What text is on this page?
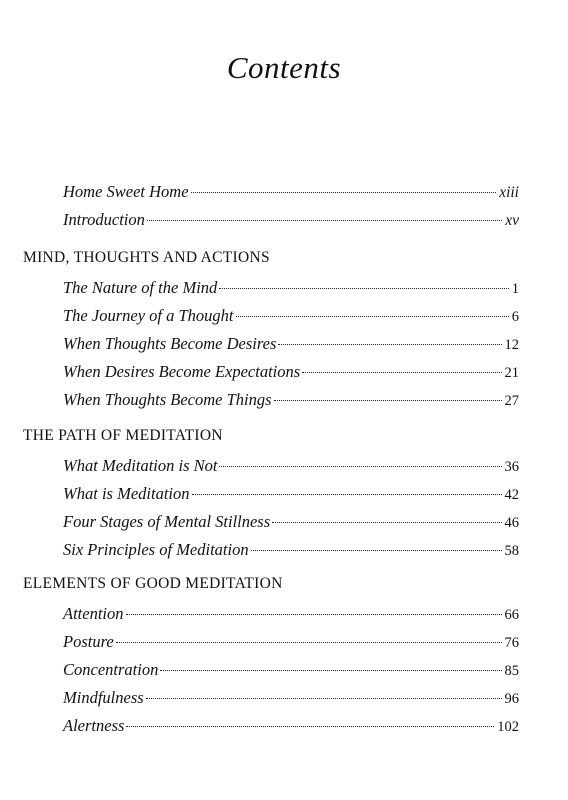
Contents
Home Sweet Home	xiii
Introduction	xv
MIND, THOUGHTS AND ACTIONS
The Nature of the Mind	1
The Journey of a Thought	6
When Thoughts Become Desires	12
When Desires Become Expectations	21
When Thoughts Become Things	27
THE PATH OF MEDITATION
What Meditation is Not	36
What is Meditation	42
Four Stages of Mental Stillness	46
Six Principles of Meditation	58
ELEMENTS OF GOOD MEDITATION
Attention	66
Posture	76
Concentration	85
Mindfulness	96
Alertness	102
